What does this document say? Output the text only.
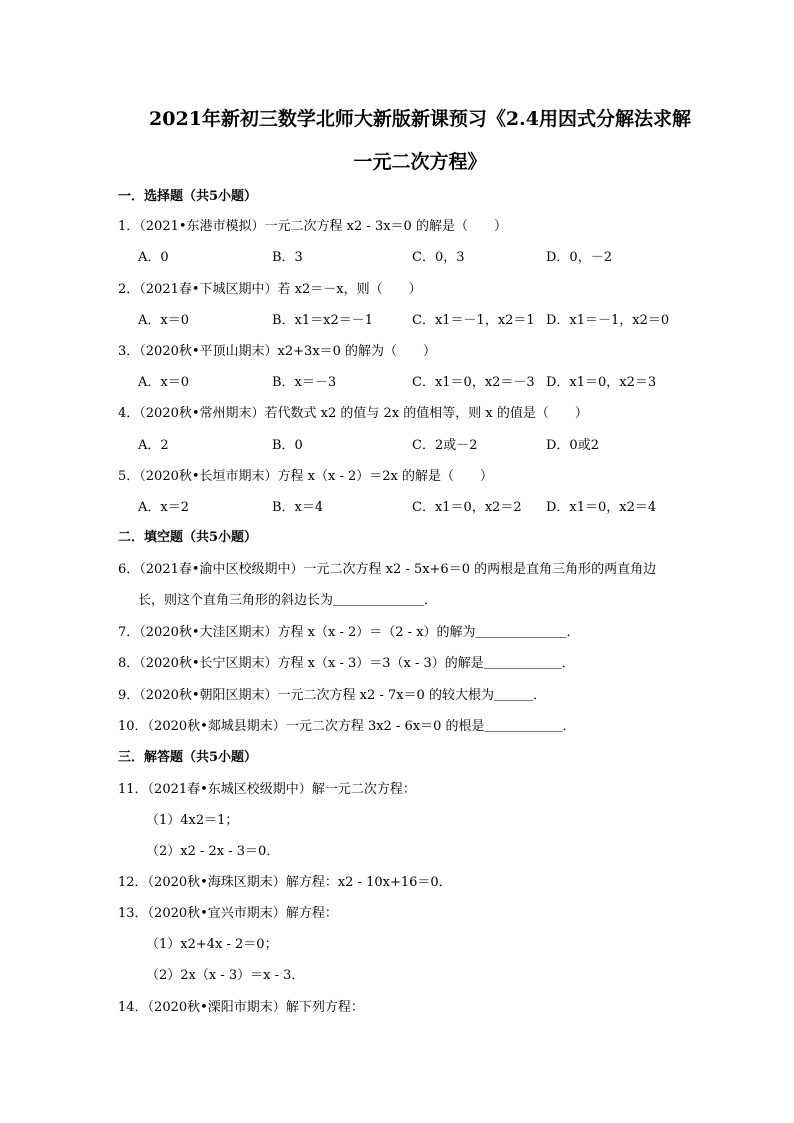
2021年新初三数学北师大新版新课预习《2.4用因式分解法求解
一元二次方程》
一．选择题（共5小题）
1．（2021•东港市模拟）一元二次方程 x2 - 3x＝0 的解是（　　）
A．0	B．3	C．0，3	D．0，－2
2．（2021春•下城区期中）若 x2＝－x，则（　　）
A．x＝0	B．x1＝x2＝－1	C．x1＝－1，x2＝1 D．x1＝－1，x2＝0
3．（2020秋•平顶山期末）x2+3x＝0 的解为（　　）
A．x＝0	B．x＝－3	C．x1＝0，x2＝－3 D．x1＝0，x2＝3
4．（2020秋•常州期末）若代数式 x2 的值与 2x 的值相等，则 x 的值是（　　）
A．2	B．0	C．2或－2	D．0或2
5．（2020秋•长垣市期末）方程 x（x - 2）＝2x 的解是（　　）
A．x＝2	B．x＝4	C．x1＝0，x2＝2 D．x1＝0，x2＝4
二．填空题（共5小题）
6．（2021春•渝中区校级期中）一元二次方程 x2 - 5x+6＝0 的两根是直角三角形的两直角边
长，则这个直角三角形的斜边长为＿＿＿＿＿＿＿．
7．（2020秋•大洼区期末）方程 x（x - 2）＝（2 - x）的解为＿＿＿＿＿＿＿．
8．（2020秋•长宁区期末）方程 x（x - 3）＝3（x - 3）的解是＿＿＿＿＿＿．
9．（2020秋•朝阳区期末）一元二次方程 x2 - 7x＝0 的较大根为＿＿＿．
10．（2020秋•郯城县期末）一元二次方程 3x2 - 6x＝0 的根是＿＿＿＿＿＿．
三．解答题（共5小题）
11．（2021春•东城区校级期中）解一元二次方程：
（1）4x2＝1；
（2）x2 - 2x - 3＝0．
12．（2020秋•海珠区期末）解方程：x2 - 10x+16＝0．
13．（2020秋•宜兴市期末）解方程：
（1）x2+4x - 2＝0；
（2）2x（x - 3）＝x - 3．
14．（2020秋•溧阳市期末）解下列方程：
